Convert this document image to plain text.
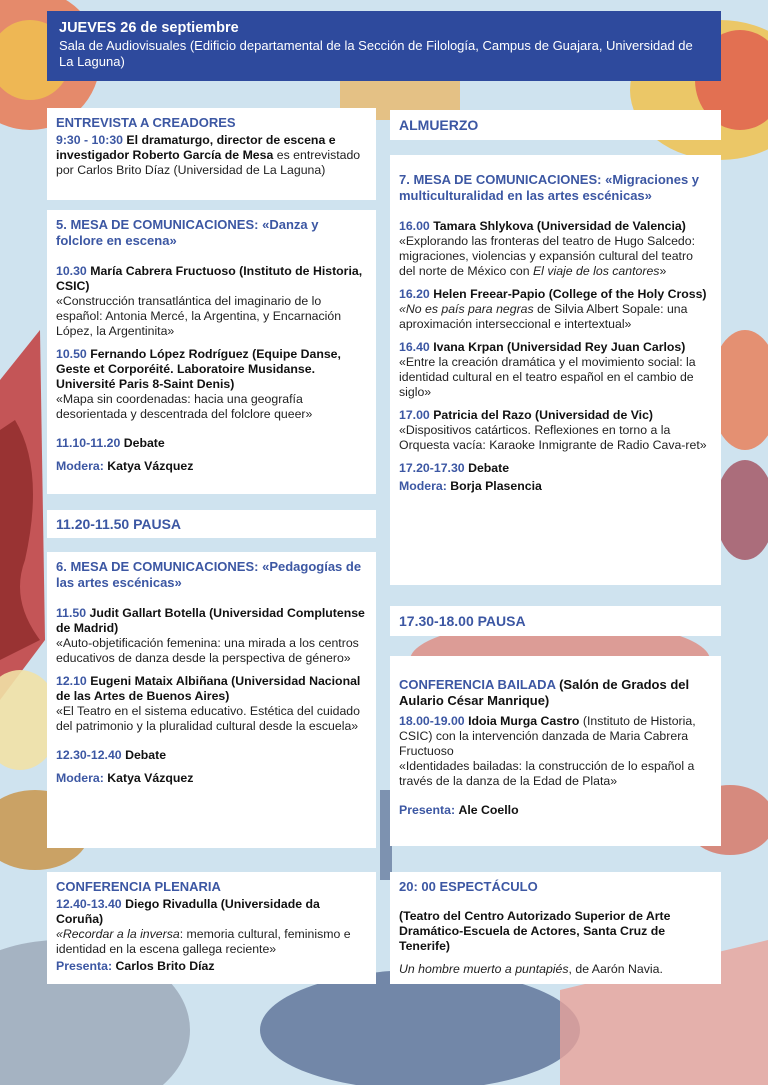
JUEVES 26 de septiembre
Sala de Audiovisuales (Edificio departamental de la Sección de Filología, Campus de Guajara, Universidad de La Laguna)
ENTREVISTA A CREADORES

9:30 - 10:30 El dramaturgo, director de escena e investigador Roberto García de Mesa es entrevistado por Carlos Brito Díaz (Universidad de La Laguna)

5. MESA DE COMUNICACIONES: «Danza y folclore en escena»

10.30 María Cabrera Fructuoso (Instituto de Historia, CSIC)

«Construcción transatlántica del imaginario de lo español: Antonia Mercé, la Argentina, y Encarnación López, la Argentinita»

10.50 Fernando López Rodríguez (Equipe Danse, Geste et Corporéité. Laboratoire Musidanse. Université Paris 8-Saint Denis)

«Mapa sin coordenadas: hacia una geografía desorientada y descentrada del folclore queer»

11.10-11.20 Debate

Modera: Katya Vázquez

11.20-11.50 PAUSA
6. MESA DE COMUNICACIONES: «Pedagogías de las artes escénicas»

11.50 Judit Gallart Botella (Universidad Complutense de Madrid)

«Auto-objetificación femenina: una mirada a los centros educativos de danza desde la perspectiva de género»

12.10 Eugeni Mataix Albiñana (Universidad Nacional de las Artes de Buenos Aires)

«El Teatro en el sistema educativo. Estética del cuidado del patrimonio y la pluralidad cultural desde la escuela»

12.30-12.40 Debate

Modera: Katya Vázquez

CONFERENCIA PLENARIA

12.40-13.40 Diego Rivadulla (Universidade da Coruña)

«Recordar a la inversa: memoria cultural, feminismo e identidad en la escena gallega reciente»

Presenta: Carlos Brito Díaz

ALMUERZO
7. MESA DE COMUNICACIONES: «Migraciones y multiculturalidad en las artes escénicas»

16.00 Tamara Shlykova (Universidad de Valencia)

«Explorando las fronteras del teatro de Hugo Salcedo: migraciones, violencias y expansión cultural del teatro del norte de México con El viaje de los cantores»

16.20 Helen Freear-Papio (College of the Holy Cross)

«No es país para negras de Silvia Albert Sopale: una aproximación interseccional e intertextual»

16.40 Ivana Krpan (Universidad Rey Juan Carlos)

«Entre la creación dramática y el movimiento social: la identidad cultural en el teatro español en el cambio de siglo»

17.00 Patricia del Razo (Universidad de Vic)

«Dispositivos catárticos. Reflexiones en torno a la Orquesta vacía: Karaoke Inmigrante de Radio Cava-ret»

17.20-17.30 Debate

Modera: Borja Plasencia

17.30-18.00 PAUSA
CONFERENCIA BAILADA (Salón de Grados del Aulario César Manrique)

18.00-19.00 Idoia Murga Castro (Instituto de Historia, CSIC) con la intervención danzada de Maria Cabrera Fructuoso

«Identidades bailadas: la construcción de lo español a través de la danza de la Edad de Plata»

Presenta: Ale Coello

20: 00 ESPECTÁCULO

(Teatro del Centro Autorizado Superior de Arte Dramático-Escuela de Actores, Santa Cruz de Tenerife)

Un hombre muerto a puntapiés, de Aarón Navia.
